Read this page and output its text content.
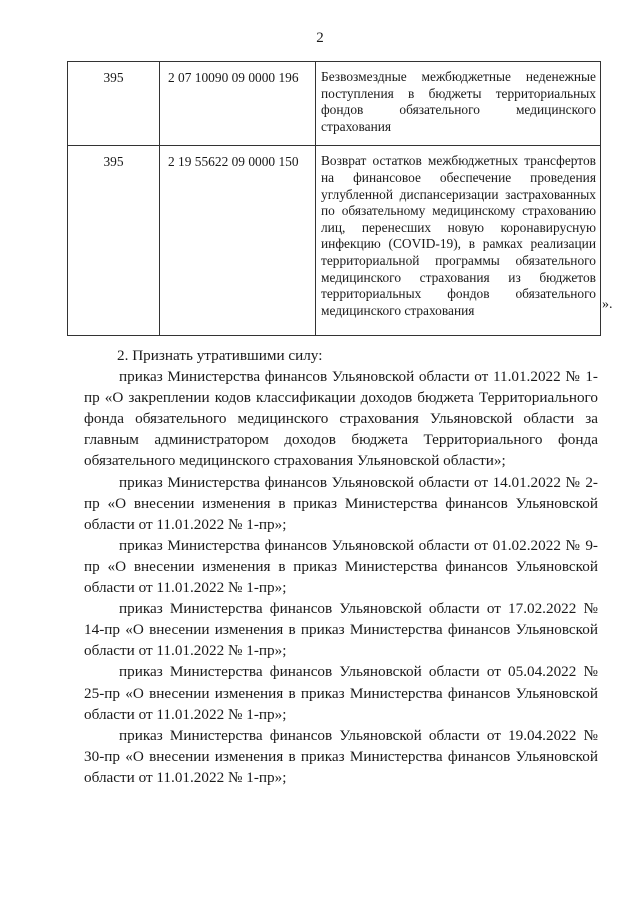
2
395	2 07 10090 09 0000 196	Безвозмездные межбюджетные неденежные поступления в бюджеты территориальных фондов обязательного медицинского страхования
395	2 19 55622 09 0000 150	Возврат остатков межбюджетных трансфертов на финансовое обеспечение проведения углубленной диспансеризации застрахованных по обязательному медицинскому страхованию лиц, перенесших новую коронавирусную инфекцию (COVID-19), в рамках реализации территориальной программы обязательного медицинского страхования из бюджетов территориальных фондов обязательного медицинского страхования	».

2. Признать утратившими силу:

приказ Министерства финансов Ульяновской области от 11.01.2022 № 1-пр «О закреплении кодов классификации доходов бюджета Территориального фонда обязательного медицинского страхования Ульяновской области за главным администратором доходов бюджета Территориального фонда обязательного медицинского страхования Ульяновской области»;

приказ Министерства финансов Ульяновской области от 14.01.2022 № 2-пр «О внесении изменения в приказ Министерства финансов Ульяновской области от 11.01.2022 № 1-пр»;

приказ Министерства финансов Ульяновской области от 01.02.2022 № 9-пр «О внесении изменения в приказ Министерства финансов Ульяновской области от 11.01.2022 № 1-пр»;

приказ Министерства финансов Ульяновской области от 17.02.2022 № 14-пр «О внесении изменения в приказ Министерства финансов Ульяновской области от 11.01.2022 № 1-пр»;

приказ Министерства финансов Ульяновской области от 05.04.2022 № 25-пр «О внесении изменения в приказ Министерства финансов Ульяновской области от 11.01.2022 № 1-пр»;

приказ Министерства финансов Ульяновской области от 19.04.2022 № 30-пр «О внесении изменения в приказ Министерства финансов Ульяновской области от 11.01.2022 № 1-пр»;
